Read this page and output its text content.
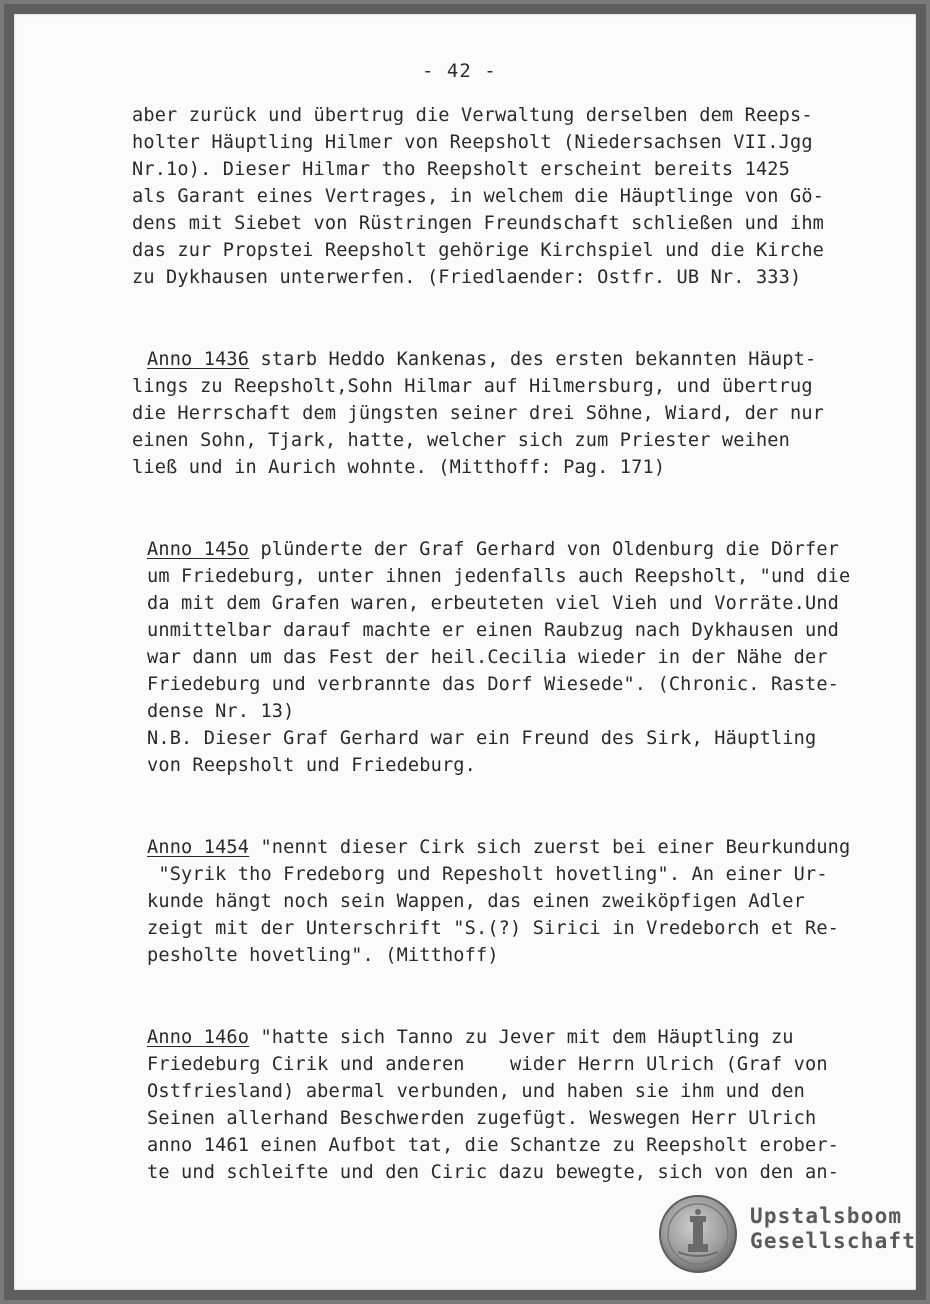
- 42 -
aber zurück und übertrug die Verwaltung derselben dem Reeps-
holter Häuptling Hilmer von Reepsholt (Niedersachsen VII.Jgg
Nr.1o). Dieser Hilmar tho Reepsholt erscheint bereits 1425
als Garant eines Vertrages, in welchem die Häuptlinge von Gö-
dens mit Siebet von Rüstringen Freundschaft schließen und ihm
das zur Propstei Reepsholt gehörige Kirchspiel und die Kirche
zu Dykhausen unterwerfen. (Friedlaender: Ostfr. UB Nr. 333)
Anno 1436 starb Heddo Kankenas, des ersten bekannten Häupt-
lings zu Reepsholt,Sohn Hilmar auf Hilmersburg, und übertrug
die Herrschaft dem jüngsten seiner drei Söhne, Wiard, der nur
einen Sohn, Tjark, hatte, welcher sich zum Priester weihen
ließ und in Aurich wohnte. (Mitthoff: Pag. 171)
Anno 145o plünderte der Graf Gerhard von Oldenburg die Dörfer
um Friedeburg, unter ihnen jedenfalls auch Reepsholt, "und die
da mit dem Grafen waren, erbeuteten viel Vieh und Vorräte.Und
unmittelbar darauf machte er einen Raubzug nach Dykhausen und
war dann um das Fest der heil.Cecilia wieder in der Nähe der
Friedeburg und verbrannte das Dorf Wiesede". (Chronic. Raste-
dense Nr. 13)
N.B. Dieser Graf Gerhard war ein Freund des Sirk, Häuptling
von Reepsholt und Friedeburg.
Anno 1454 "nennt dieser Cirk sich zuerst bei einer Beurkundung
"Syrik tho Fredeborg und Repesholt hovetling". An einer Ur-
kunde hängt noch sein Wappen, das einen zweiköpfigen Adler
zeigt mit der Unterschrift "S.(?) Sirici in Vredeborch et Re-
pesholte hovetling". (Mitthoff)
Anno 146o "hatte sich Tanno zu Jever mit dem Häuptling zu
Friedeburg Cirik und anderen    wider Herrn Ulrich (Graf von
Ostfriesland) abermal verbunden, und haben sie ihm und den
Seinen allerhand Beschwerden zugefügt. Weswegen Herr Ulrich
anno 1461 einen Aufbot tat, die Schantze zu Reepsholt erober-
te und schleifte und den Ciric dazu bewegte, sich von den an-
Upstalsboom
Gesellschaft
